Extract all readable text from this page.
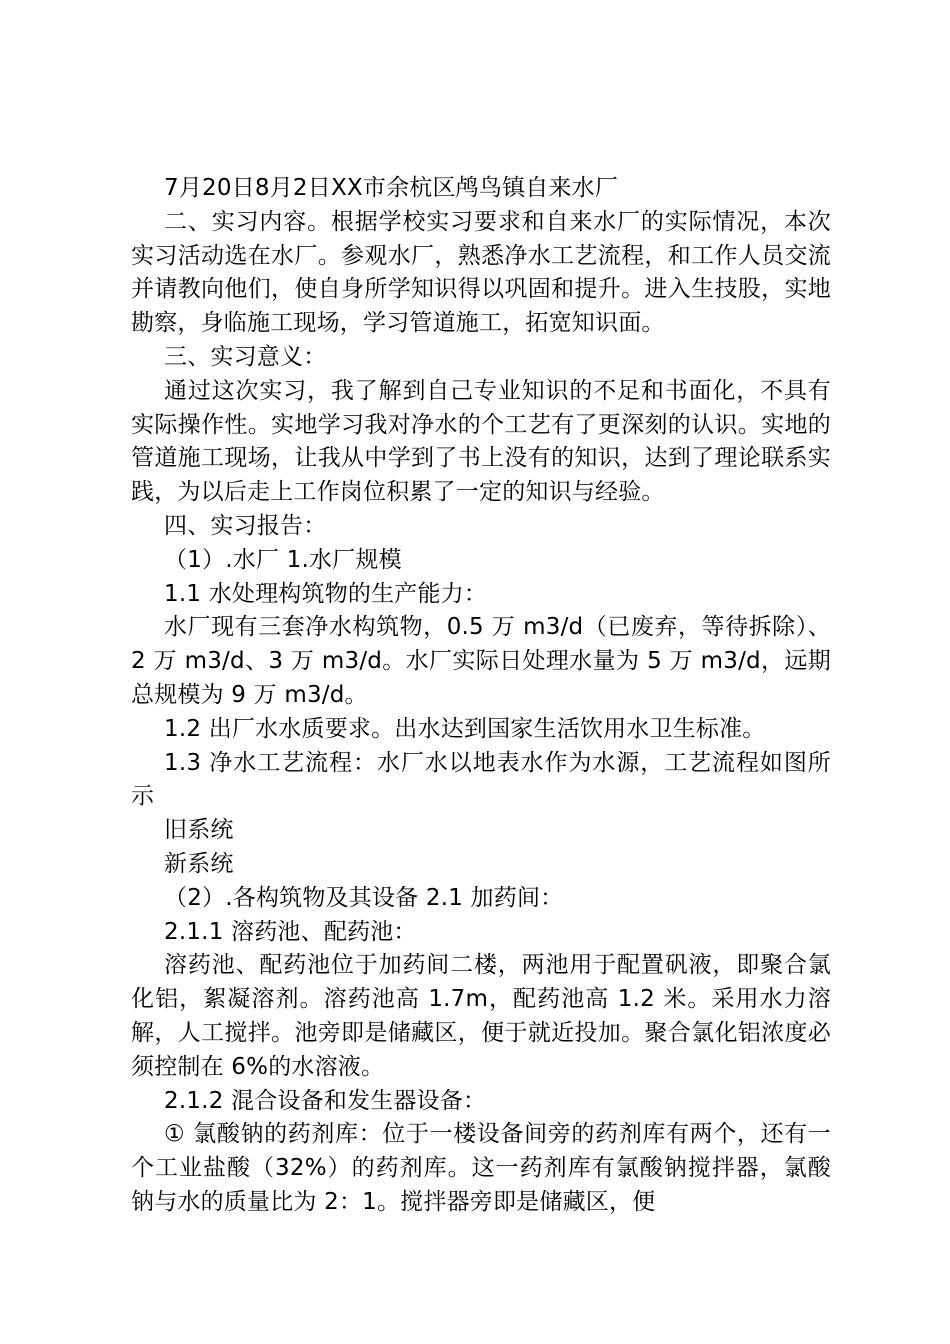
7月20日8月2日XX市余杭区鸬鸟镇自来水厂

二、实习内容。根据学校实习要求和自来水厂的实际情况，本次实习活动选在水厂。参观水厂，熟悉净水工艺流程，和工作人员交流并请教向他们，使自身所学知识得以巩固和提升。进入生技股，实地勘察，身临施工现场，学习管道施工，拓宽知识面。

三、实习意义：

通过这次实习，我了解到自己专业知识的不足和书面化，不具有实际操作性。实地学习我对净水的个工艺有了更深刻的认识。实地的管道施工现场，让我从中学到了书上没有的知识，达到了理论联系实践，为以后走上工作岗位积累了一定的知识与经验。

四、实习报告：

（1）.水厂 1.水厂规模

1.1 水处理构筑物的生产能力：

水厂现有三套净水构筑物，0.5 万 m3/d（已废弃，等待拆除）、2 万 m3/d、3 万 m3/d。水厂实际日处理水量为 5 万 m3/d，远期总规模为 9 万 m3/d。

1.2 出厂水水质要求。出水达到国家生活饮用水卫生标准。

1.3 净水工艺流程：水厂水以地表水作为水源，工艺流程如图所示

旧系统

新系统

（2）.各构筑物及其设备 2.1 加药间：

2.1.1 溶药池、配药池：

溶药池、配药池位于加药间二楼，两池用于配置矾液，即聚合氯化铝，絮凝溶剂。溶药池高 1.7m，配药池高 1.2 米。采用水力溶解，人工搅拌。池旁即是储藏区，便于就近投加。聚合氯化铝浓度必须控制在 6%的水溶液。

2.1.2 混合设备和发生器设备：

① 氯酸钠的药剂库：位于一楼设备间旁的药剂库有两个，还有一个工业盐酸（32%）的药剂库。这一药剂库有氯酸钠搅拌器，氯酸钠与水的质量比为 2：1。搅拌器旁即是储藏区，便
